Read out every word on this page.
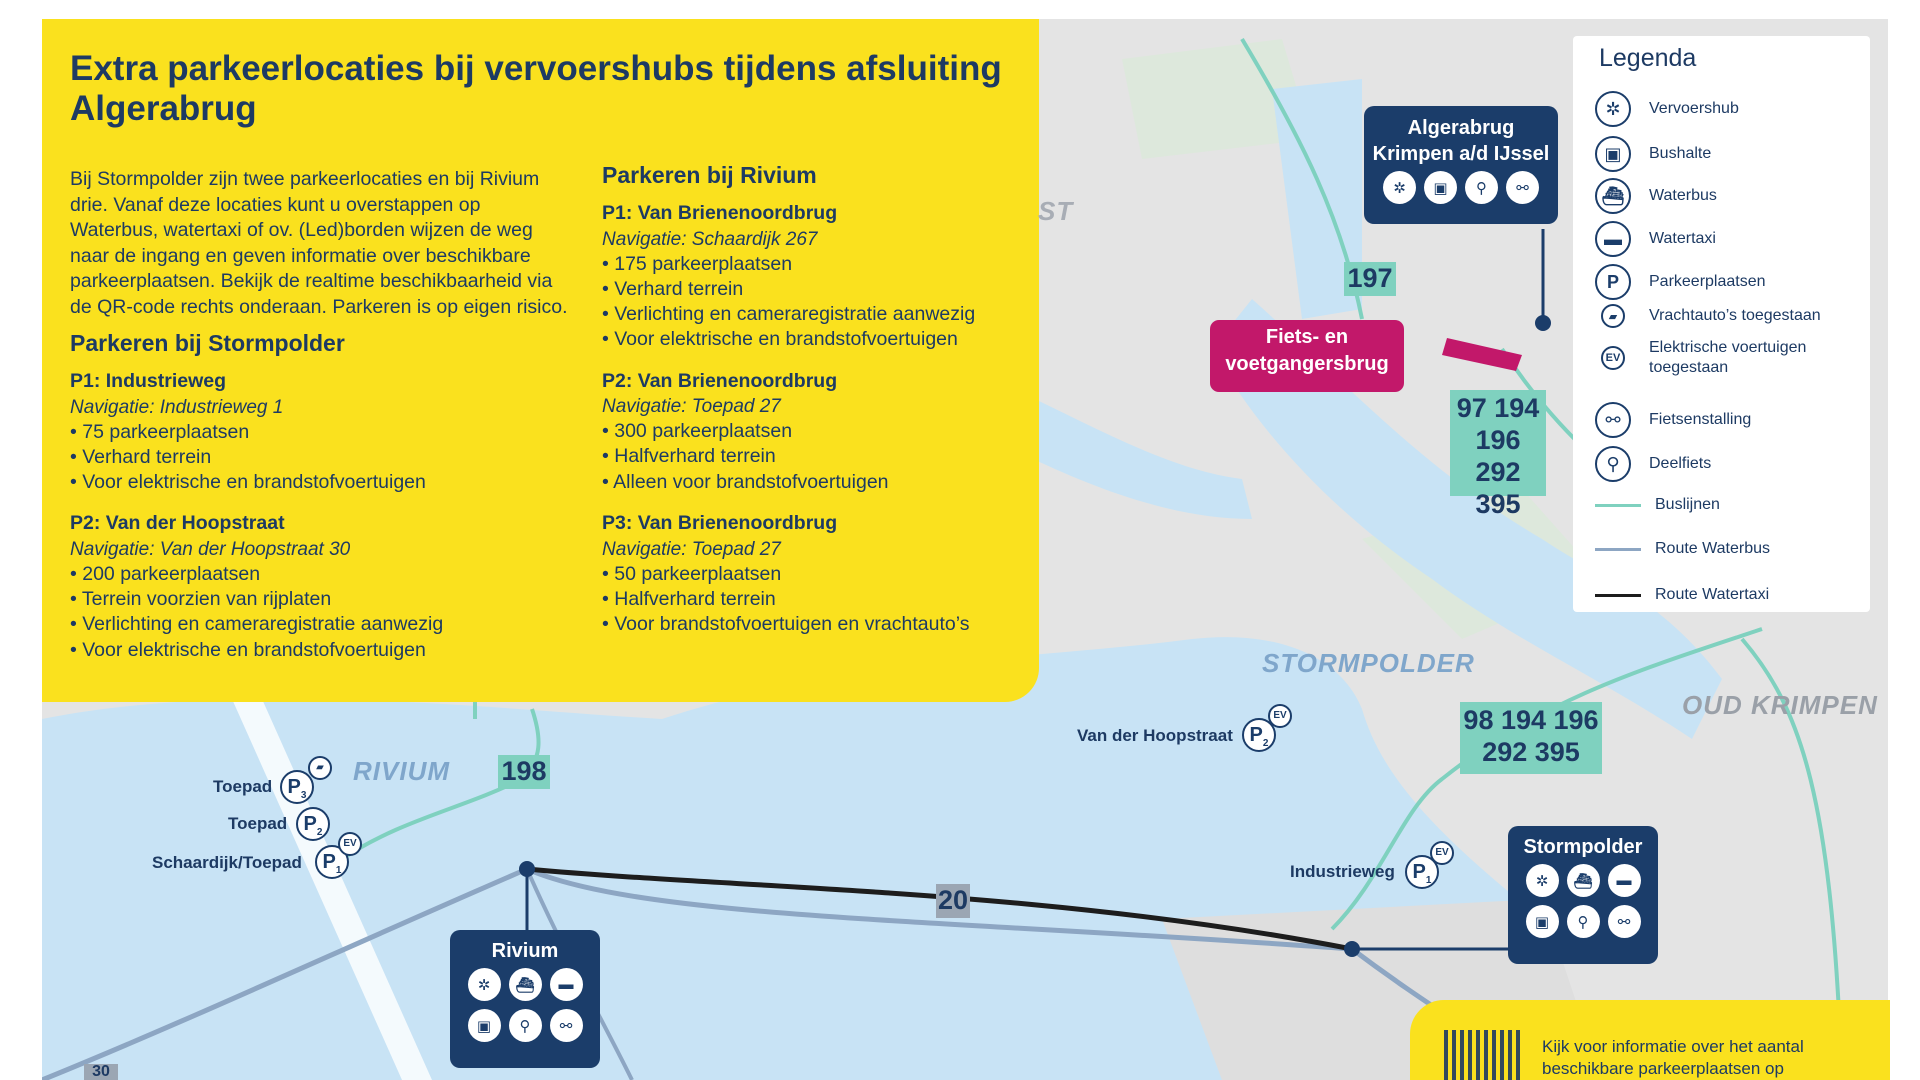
Extra parkeerlocaties bij vervoershubs tijdens afsluiting Algerabrug
Bij Stormpolder zijn twee parkeerlocaties en bij Rivium drie. Vanaf deze locaties kunt u overstappen op Waterbus, watertaxi of ov. (Led)borden wijzen de weg naar de ingang en geven informatie over beschikbare parkeerplaatsen. Bekijk de realtime beschikbaarheid via de QR-code rechts onderaan. Parkeren is op eigen risico.
Parkeren bij Stormpolder
P1: Industrieweg
Navigatie: Industrieweg 1
• 75 parkeerplaatsen
• Verhard terrein
• Voor elektrische en brandstofvoertuigen
P2: Van der Hoopstraat
Navigatie: Van der Hoopstraat 30
• 200 parkeerplaatsen
• Terrein voorzien van rijplaten
• Verlichting en cameraregistratie aanwezig
• Voor elektrische en brandstofvoertuigen
Parkeren bij Rivium
P1: Van Brienenoordbrug
Navigatie: Schaardijk 267
• 175 parkeerplaatsen
• Verhard terrein
• Verlichting en cameraregistratie aanwezig
• Voor elektrische en brandstofvoertuigen
P2: Van Brienenoordbrug
Navigatie: Toepad 27
• 300 parkeerplaatsen
• Halfverhard terrein
• Alleen voor brandstofvoertuigen
P3: Van Brienenoordbrug
Navigatie: Toepad 27
• 50 parkeerplaatsen
• Halfverhard terrein
• Voor brandstofvoertuigen en vrachtauto’s
ST
STORMPOLDER
RIVIUM
OUD KRIMPEN
197
97 194
196 292
395
98 194 196
292 395
198
20
30
Fiets- en voetgangersbrug
Algerabrug Krimpen a/d IJssel
✲	▣	⚲	⚯
Rivium
✲	⛴	▬
▣	⚲	⚯
Stormpolder
✲	⛴	▬
▣	⚲	⚯
Toepad $P_3$
▰
Toepad $P_2$
Schaardijk/Toepad	$P_1$
EV
Van der Hoopstraat $P_2$
EV
Industrieweg $P_1$
EV
Legenda
✲	Vervoershub
▣	Bushalte
⛴	Waterbus
▬	Watertaxi
P	Parkeerplaatsen
▰	Vrachtauto’s toegestaan
EV
Elektrische voertuigen toegestaan
⚯	Fietsenstalling
⚲	Deelfiets
Buslijnen
Route Waterbus
Route Watertaxi
Kijk voor informatie over het aantal beschikbare parkeerplaatsen op
